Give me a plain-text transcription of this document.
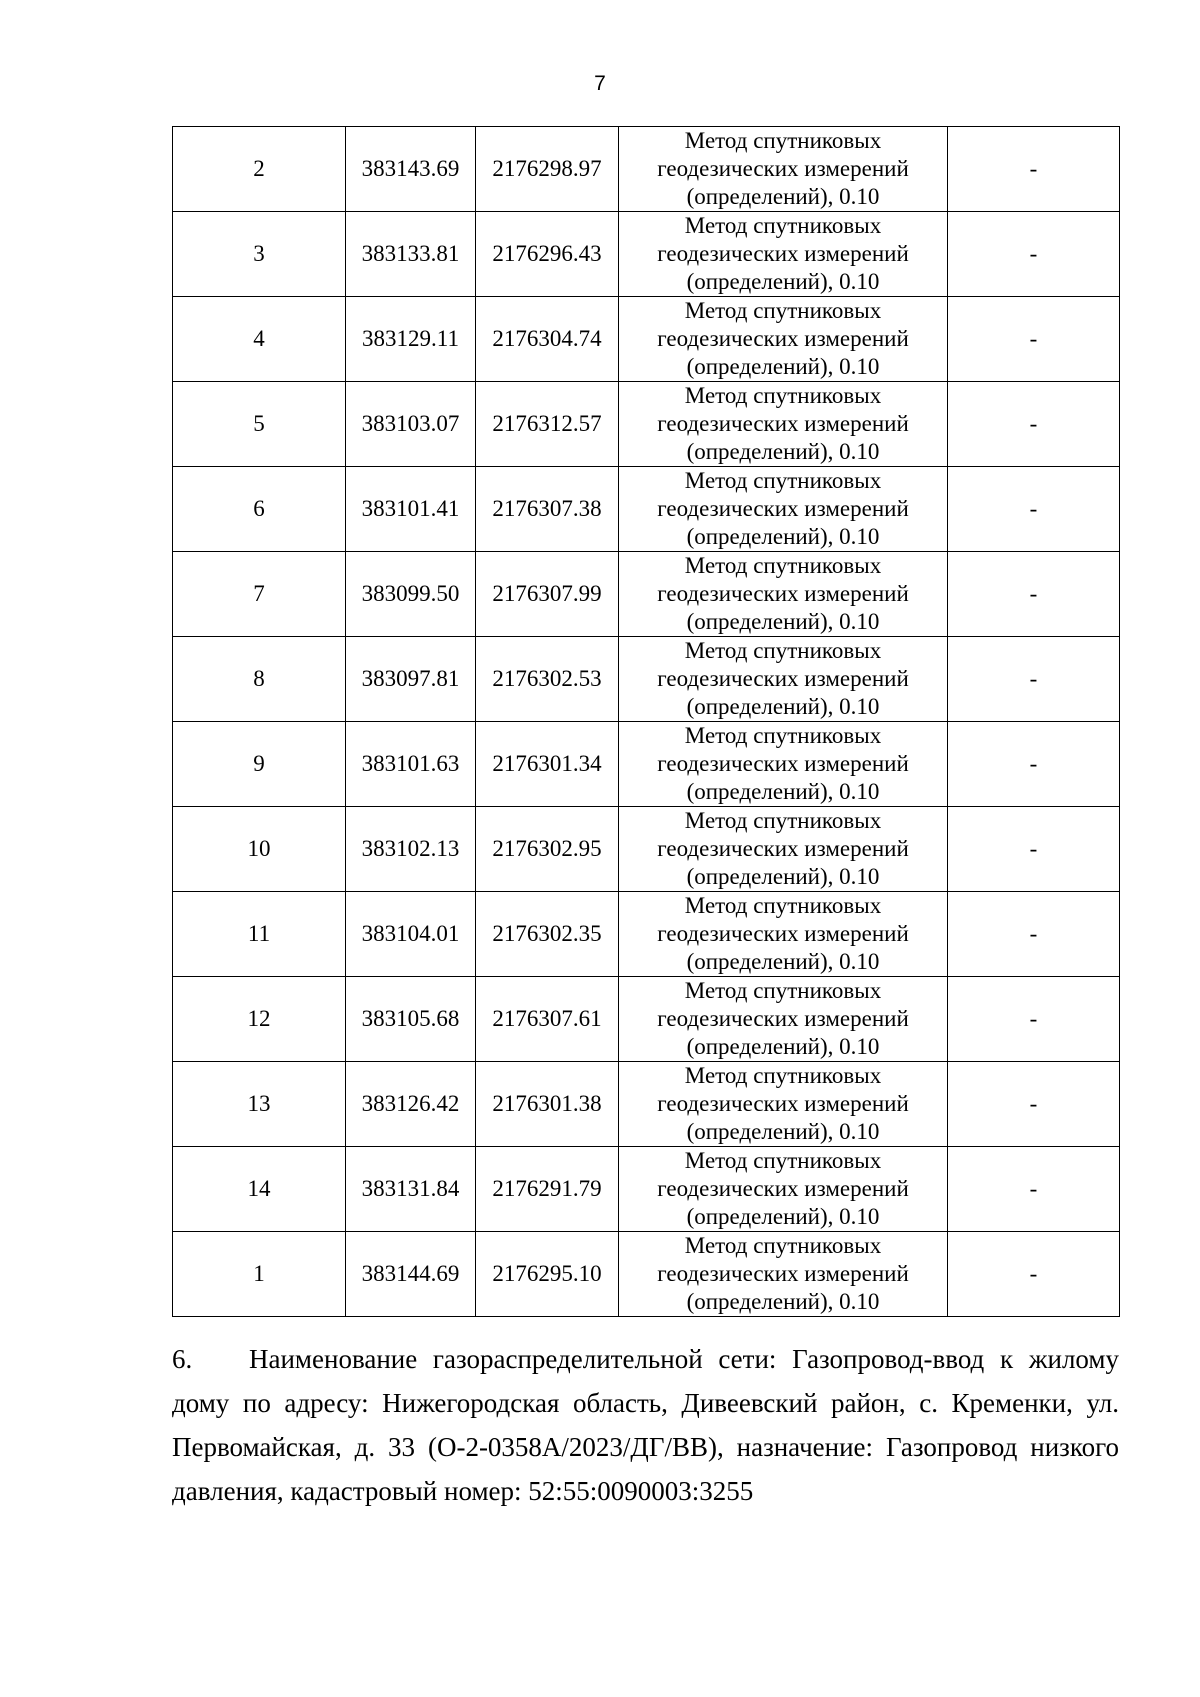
7
2	383143.69	2176298.97	Метод спутниковых
геодезических измерений
(определений), 0.10	-
3	383133.81	2176296.43	Метод спутниковых
геодезических измерений
(определений), 0.10	-
4	383129.11	2176304.74	Метод спутниковых
геодезических измерений
(определений), 0.10	-
5	383103.07	2176312.57	Метод спутниковых
геодезических измерений
(определений), 0.10	-
6	383101.41	2176307.38	Метод спутниковых
геодезических измерений
(определений), 0.10	-
7	383099.50	2176307.99	Метод спутниковых
геодезических измерений
(определений), 0.10	-
8	383097.81	2176302.53	Метод спутниковых
геодезических измерений
(определений), 0.10	-
9	383101.63	2176301.34	Метод спутниковых
геодезических измерений
(определений), 0.10	-
10	383102.13	2176302.95	Метод спутниковых
геодезических измерений
(определений), 0.10	-
11	383104.01	2176302.35	Метод спутниковых
геодезических измерений
(определений), 0.10	-
12	383105.68	2176307.61	Метод спутниковых
геодезических измерений
(определений), 0.10	-
13	383126.42	2176301.38	Метод спутниковых
геодезических измерений
(определений), 0.10	-
14	383131.84	2176291.79	Метод спутниковых
геодезических измерений
(определений), 0.10	-
1	383144.69	2176295.10	Метод спутниковых
геодезических измерений
(определений), 0.10	-
6. Наименование газораспределительной сети: Газопровод-ввод к жилому дому по адресу: Нижегородская область, Дивеевский район, с. Кременки, ул. Первомайская, д. 33 (О-2-0358А/2023/ДГ/ВВ), назначение: Газопровод низкого давления, кадастровый номер: 52:55:0090003:3255
